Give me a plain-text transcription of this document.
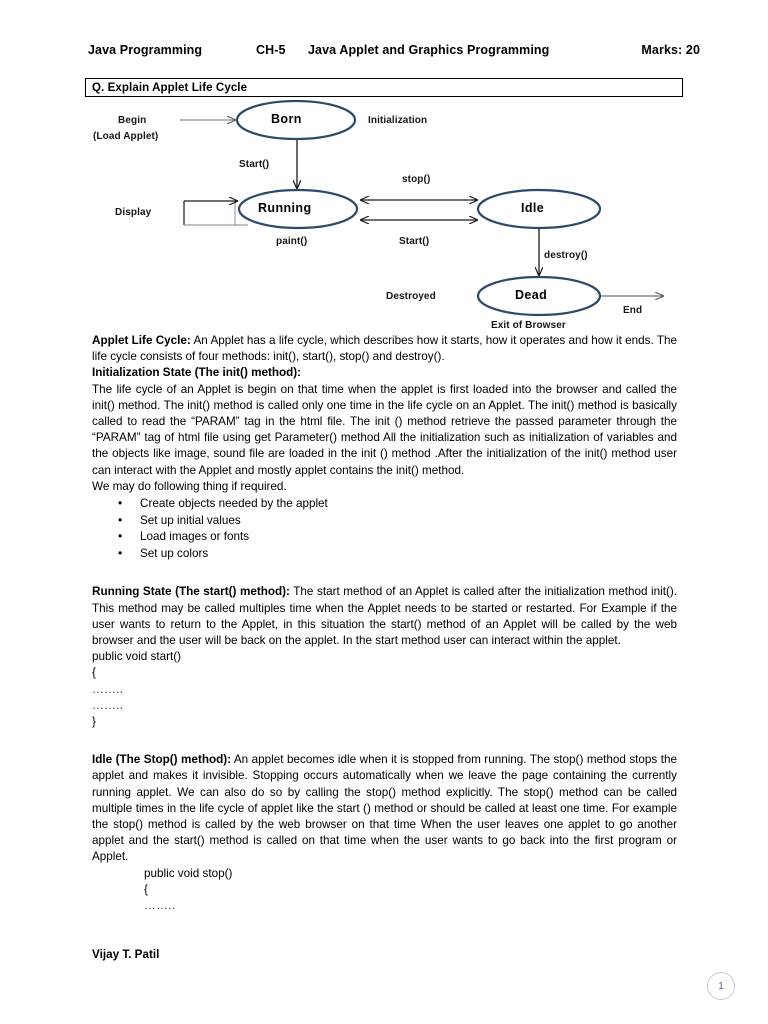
Java Programming	CH-5	Java Applet and Graphics Programming	Marks: 20
Q. Explain Applet Life Cycle
Born
Running	Idle
Dead
Begin
(Load Applet)
Initialization
Start()
Display
paint()
stop()
Start()
destroy()
Destroyed
Exit of Browser
End

Applet Life Cycle: An Applet has a life cycle, which describes how it starts, how it operates and how it ends. The life cycle consists of four methods: init(), start(), stop() and destroy().

Initialization State (The init() method):

The life cycle of an Applet is begin on that time when the applet is first loaded into the browser and called the init() method. The init() method is called only one time in the life cycle on an Applet. The init() method is basically called to read the “PARAM” tag in the html file. The init () method retrieve the passed parameter through the “PARAM” tag of html file using get Parameter() method All the initialization such as initialization of variables and the objects like image, sound file are loaded in the init () method .After the initialization of the init() method user can interact with the Applet and mostly applet contains the init() method.

We may do following thing if required.

• Create objects needed by the applet
• Set up initial values
• Load images or fonts
• Set up colors

Running State (The start() method): The start method of an Applet is called after the initialization method init(). This method may be called multiples time when the Applet needs to be started or restarted. For Example if the user wants to return to the Applet, in this situation the start() method of an Applet will be called by the web browser and the user will be back on the applet. In the start method user can interact within the applet.

public void start()

{

……..

……..

}

Idle (The Stop() method): An applet becomes idle when it is stopped from running. The stop() method stops the applet and makes it invisible. Stopping occurs automatically when we leave the page containing the currently running applet. We can also do so by calling the stop() method explicitly. The stop() method can be called multiple times in the life cycle of applet like the start () method or should be called at least one time. For example the stop() method is called by the web browser on that time When the user leaves one applet to go another applet and the start() method is called on that time when the user wants to go back into the first program or Applet.

public void stop()

{

……..

Vijay T. Patil
1
